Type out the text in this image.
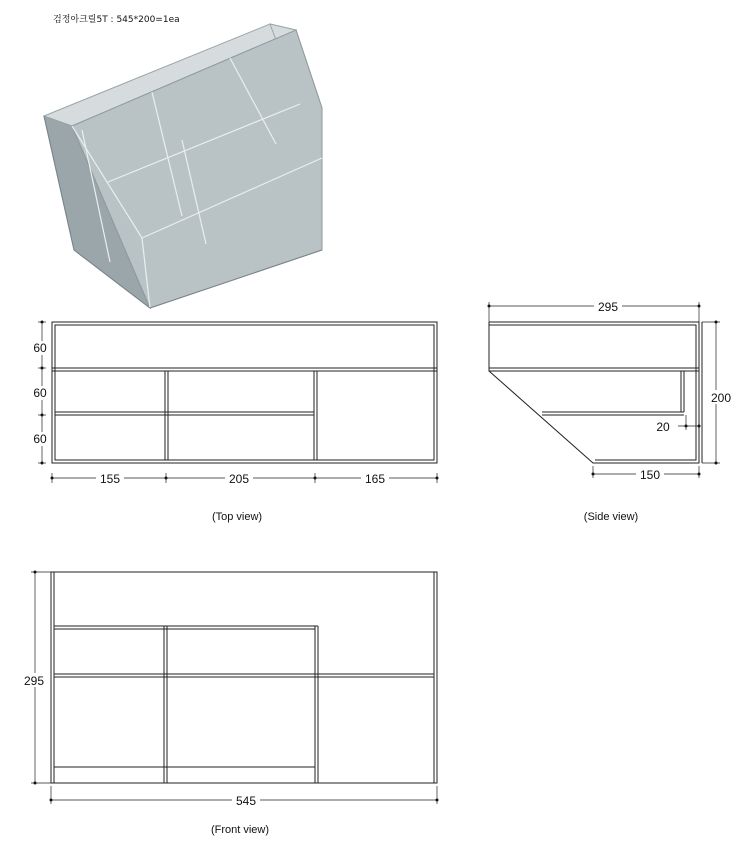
검정아크릴5T : 545*200=1ea
60
60
60
155	205	165
(Top view)
295
200
20
150
(Side view)
295
545
(Front view)
